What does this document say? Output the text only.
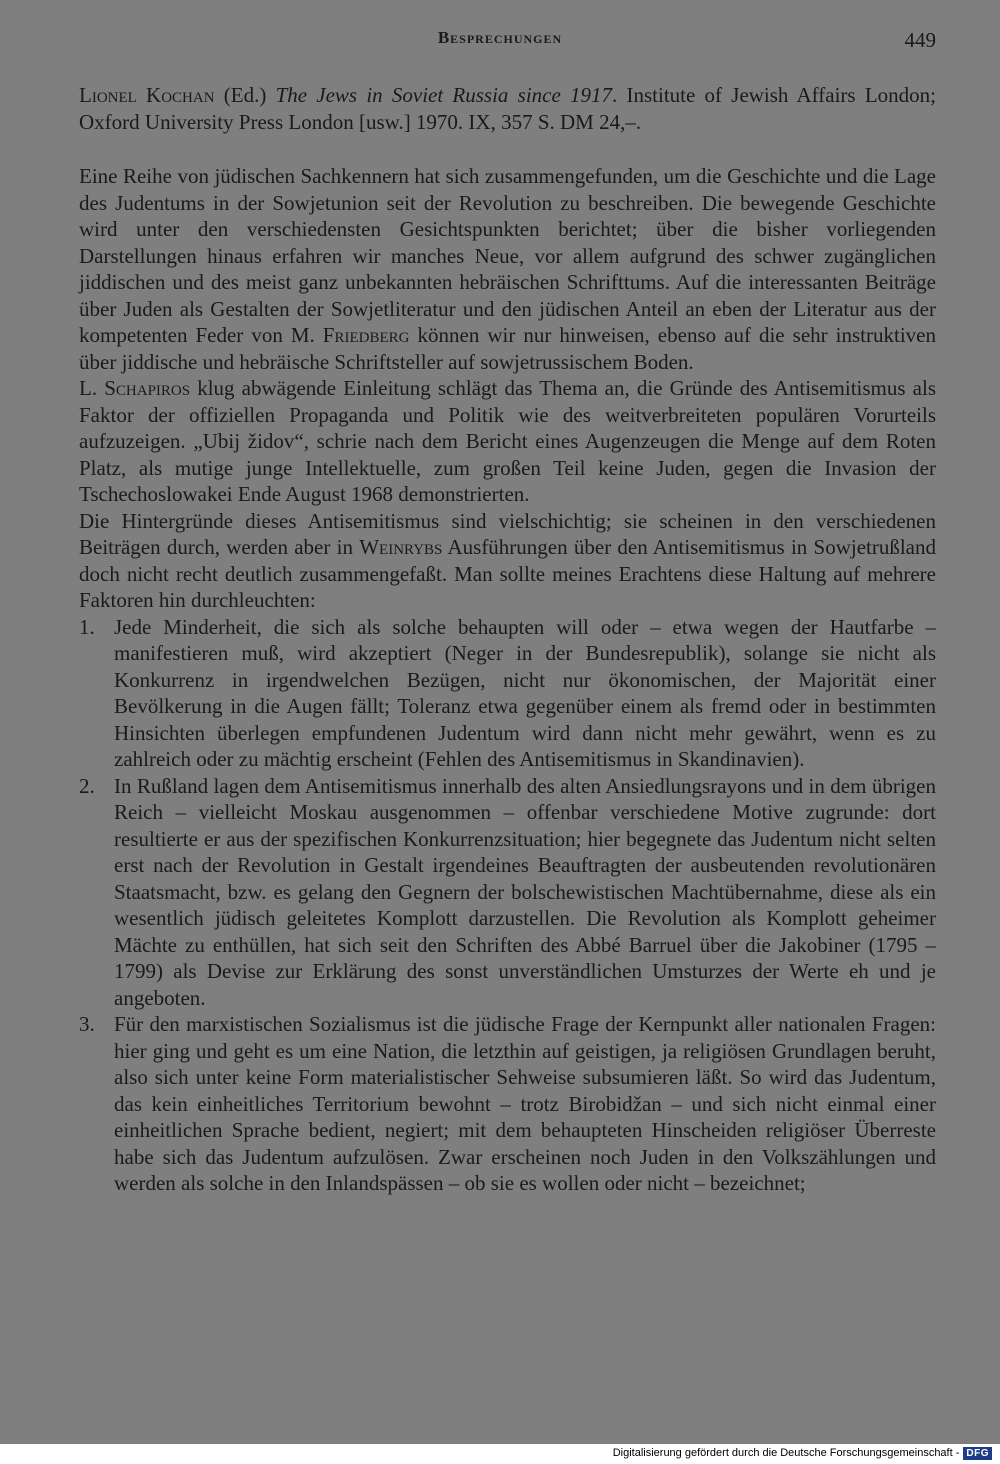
Besprechungen	449
Lionel Kochan (Ed.) The Jews in Soviet Russia since 1917. Institute of Jewish Affairs London; Oxford University Press London [usw.] 1970. IX, 357 S. DM 24,–.

Eine Reihe von jüdischen Sachkennern hat sich zusammengefunden, um die Geschichte und die Lage des Judentums in der Sowjetunion seit der Revolution zu beschreiben. Die bewegende Geschichte wird unter den verschiedensten Gesichtspunkten berichtet; über die bisher vorliegenden Darstellungen hinaus erfahren wir manches Neue, vor allem aufgrund des schwer zugänglichen jiddischen und des meist ganz unbekannten hebräischen Schrifttums. Auf die interessanten Beiträge über Juden als Gestalten der Sowjetliteratur und den jüdischen Anteil an eben der Literatur aus der kompetenten Feder von M. Friedberg können wir nur hinweisen, ebenso auf die sehr instruktiven über jiddische und hebräische Schriftsteller auf sowjetrussischem Boden.

L. Schapiros klug abwägende Einleitung schlägt das Thema an, die Gründe des Antisemitismus als Faktor der offiziellen Propaganda und Politik wie des weitverbreiteten populären Vorurteils aufzuzeigen. „Ubij židov“, schrie nach dem Bericht eines Augenzeugen die Menge auf dem Roten Platz, als mutige junge Intellektuelle, zum großen Teil keine Juden, gegen die Invasion der Tschechoslowakei Ende August 1968 demonstrierten.

Die Hintergründe dieses Antisemitismus sind vielschichtig; sie scheinen in den verschiedenen Beiträgen durch, werden aber in Weinrybs Ausführungen über den Antisemitismus in Sowjetrußland doch nicht recht deutlich zusammengefaßt. Man sollte meines Erachtens diese Haltung auf mehrere Faktoren hin durchleuchten:

1. Jede Minderheit, die sich als solche behaupten will oder – etwa wegen der Hautfarbe – manifestieren muß, wird akzeptiert (Neger in der Bundesrepublik), solange sie nicht als Konkurrenz in irgendwelchen Bezügen, nicht nur ökonomischen, der Majorität einer Bevölkerung in die Augen fällt; Toleranz etwa gegenüber einem als fremd oder in bestimmten Hinsichten überlegen empfundenen Judentum wird dann nicht mehr gewährt, wenn es zu zahlreich oder zu mächtig erscheint (Fehlen des Antisemitismus in Skandinavien).
2. In Rußland lagen dem Antisemitismus innerhalb des alten Ansiedlungsrayons und in dem übrigen Reich – vielleicht Moskau ausgenommen – offenbar verschiedene Motive zugrunde: dort resultierte er aus der spezifischen Konkurrenzsituation; hier begegnete das Judentum nicht selten erst nach der Revolution in Gestalt irgendeines Beauftragten der ausbeutenden revolutionären Staatsmacht, bzw. es gelang den Gegnern der bolschewistischen Machtübernahme, diese als ein wesentlich jüdisch geleitetes Komplott darzustellen. Die Revolution als Komplott geheimer Mächte zu enthüllen, hat sich seit den Schriften des Abbé Barruel über die Jakobiner (1795 – 1799) als Devise zur Erklärung des sonst unverständlichen Umsturzes der Werte eh und je angeboten.
3. Für den marxistischen Sozialismus ist die jüdische Frage der Kernpunkt aller nationalen Fragen: hier ging und geht es um eine Nation, die letzthin auf geistigen, ja religiösen Grundlagen beruht, also sich unter keine Form materialistischer Sehweise subsumieren läßt. So wird das Judentum, das kein einheitliches Territorium bewohnt – trotz Birobidžan – und sich nicht einmal einer einheitlichen Sprache bedient, negiert; mit dem behaupteten Hinscheiden religiöser Überreste habe sich das Judentum aufzulösen. Zwar erscheinen noch Juden in den Volkszählungen und werden als solche in den Inlandspässen – ob sie es wollen oder nicht – bezeichnet;
Digitalisierung gefördert durch die Deutsche Forschungsgemeinschaft - DFG
